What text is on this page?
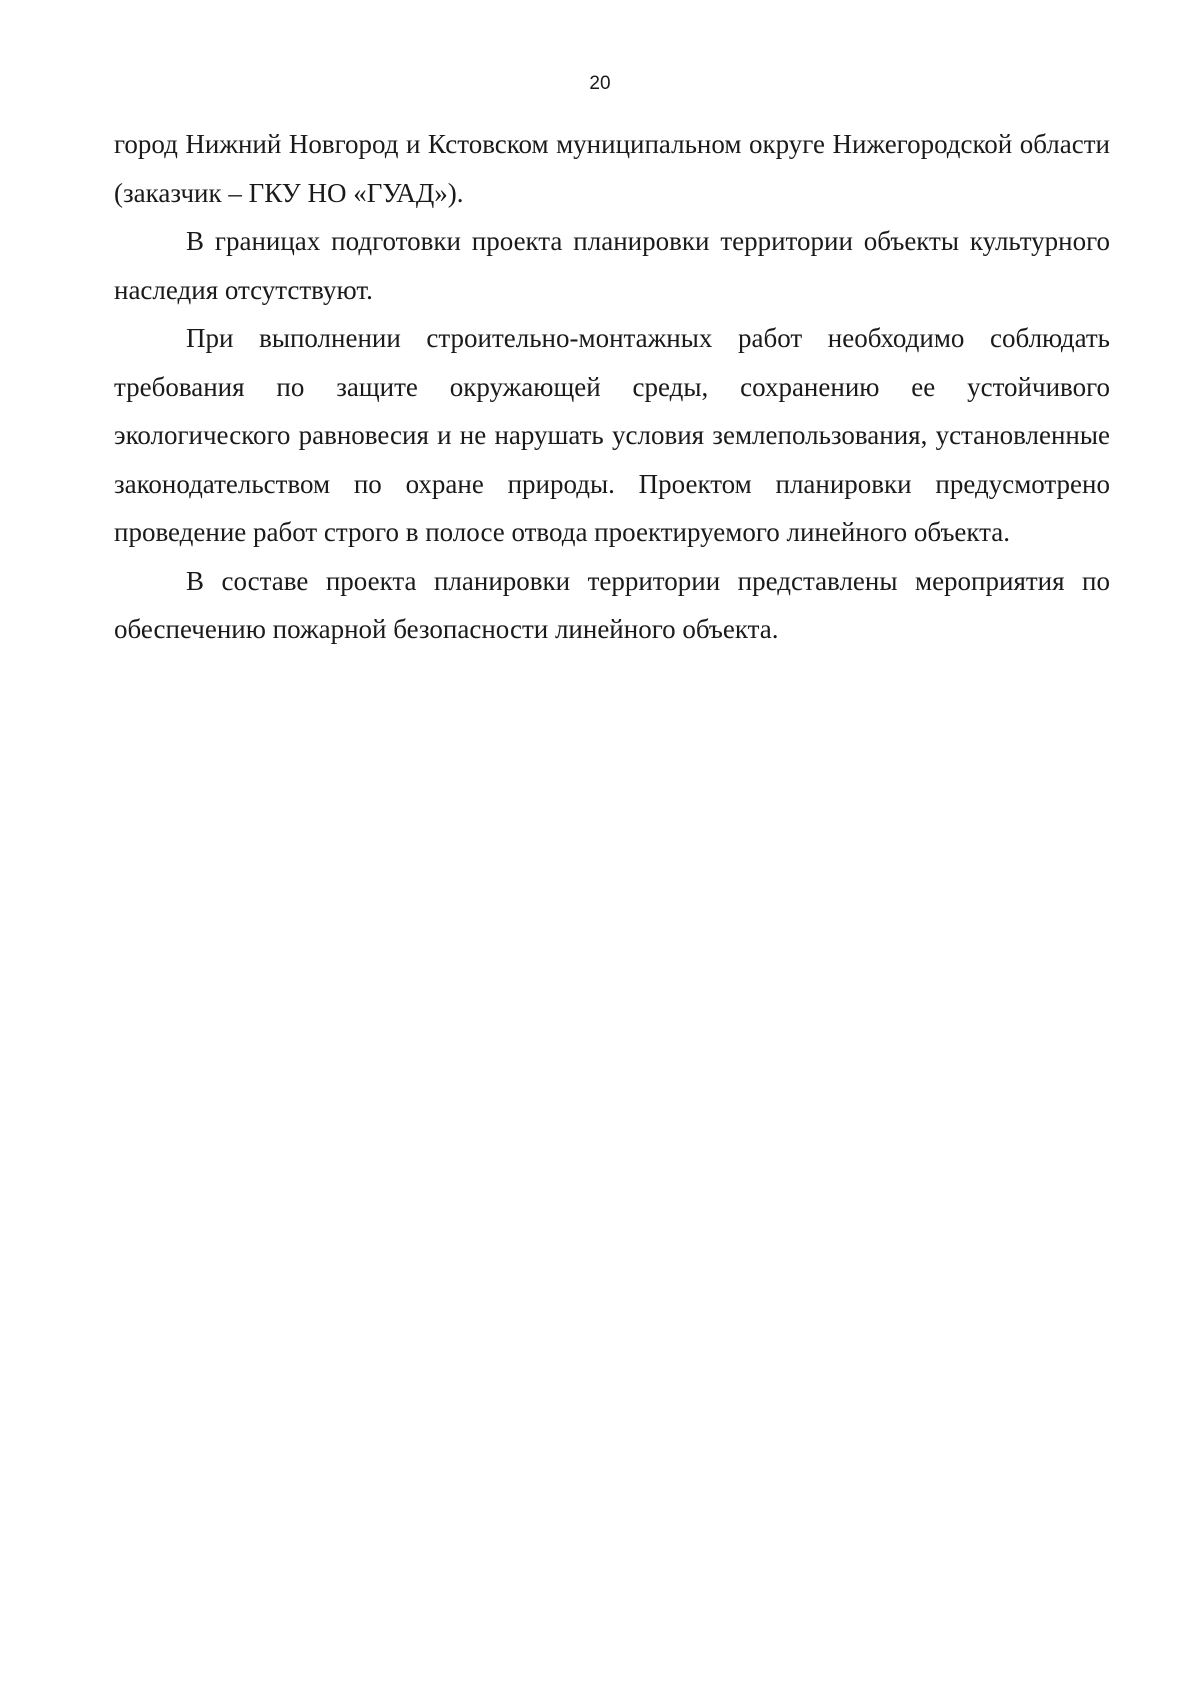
20

город Нижний Новгород и Кстовском муниципальном округе Нижегородской области (заказчик – ГКУ НО «ГУАД»).

В границах подготовки проекта планировки территории объекты культурного наследия отсутствуют.

При выполнении строительно-монтажных работ необходимо соблюдать требования по защите окружающей среды, сохранению ее устойчивого экологического равновесия и не нарушать условия землепользования, установленные законодательством по охране природы. Проектом планировки предусмотрено проведение работ строго в полосе отвода проектируемого линейного объекта.

В составе проекта планировки территории представлены мероприятия по обеспечению пожарной безопасности линейного объекта.
